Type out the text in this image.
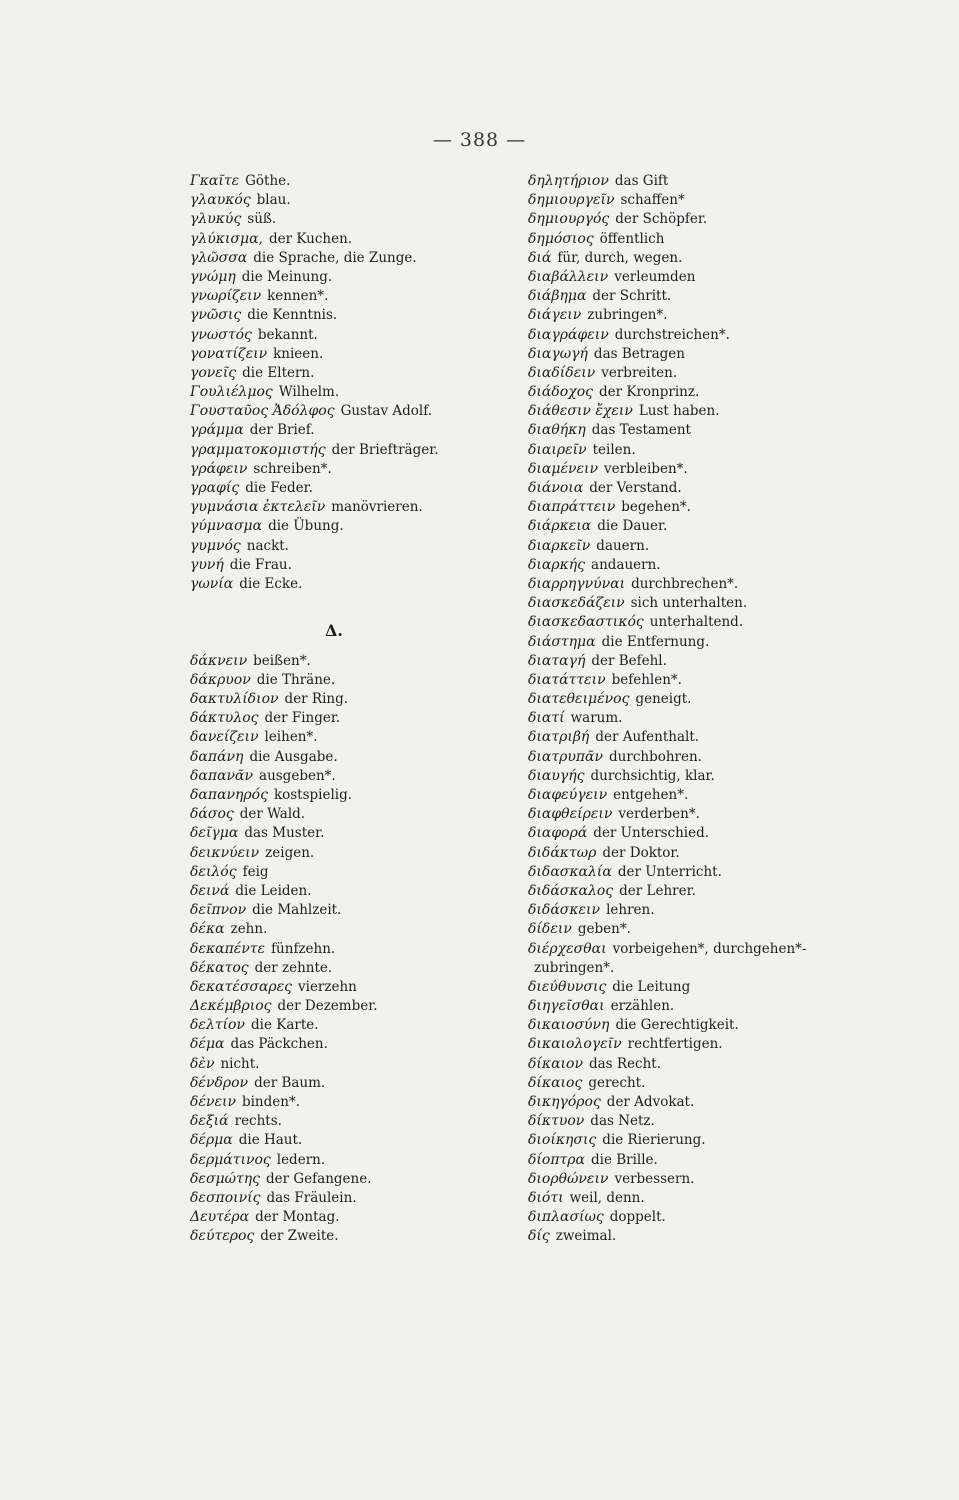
— 388 —
Γκαῖτε Göthe.
γλαυκός blau.
γλυκύς süß.
γλύκισμα, der Kuchen.
γλῶσσα die Sprache, die Zunge.
γνώμη die Meinung.
γνωρίζειν kennen*.
γνῶσις die Kenntnis.
γνωστός bekannt.
γονατίζειν knieen.
γονεῖς die Eltern.
Γουλιέλμος Wilhelm.
Γουσταῦος Ἀδόλφος Gustav Adolf.
γράμμα der Brief.
γραμματοκομιστής der Briefträger.
γράφειν schreiben*.
γραφίς die Feder.
γυμνάσια ἐκτελεῖν manövrieren.
γύμνασμα die Übung.
γυμνός nackt.
γυνή die Frau.
γωνία die Ecke.
δάκνειν beißen*.
δάκρυον die Thräne.
δακτυλίδιον der Ring.
δάκτυλος der Finger.
δανείζειν leihen*.
δαπάνη die Ausgabe.
δαπανᾶν ausgeben*.
δαπανηρός kostspielig.
δάσος der Wald.
δεῖγμα das Muster.
δεικνύειν zeigen.
δειλός feig
δεινά die Leiden.
δεῖπνον die Mahlzeit.
δέκα zehn.
δεκαπέντε fünfzehn.
δέκατος der zehnte.
δεκατέσσαρες vierzehn
Δεκέμβριος der Dezember.
δελτίον die Karte.
δέμα das Päckchen.
δὲν nicht.
δένδρον der Baum.
δένειν binden*.
δεξιά rechts.
δέρμα die Haut.
δερμάτινος ledern.
δεσμώτης der Gefangene.
δεσποινίς das Fräulein.
Δευτέρα der Montag.
δεύτερος der Zweite.
Δ.
δηλητήριον das Gift
δημιουργεῖν schaffen*
δημιουργός der Schöpfer.
δημόσιος öffentlich
διά für, durch, wegen.
διαβάλλειν verleumden
διάβημα der Schritt.
διάγειν zubringen*.
διαγράφειν durchstreichen*.
διαγωγή das Betragen
διαδίδειν verbreiten.
διάδοχος der Kronprinz.
διάθεσιν ἔχειν Lust haben.
διαθήκη das Testament
διαιρεῖν teilen.
διαμένειν verbleiben*.
διάνοια der Verstand.
διαπράττειν begehen*.
διάρκεια die Dauer.
διαρκεῖν dauern.
διαρκής andauern.
διαρρηγνύναι durchbrechen*.
διασκεδάζειν sich unterhalten.
διασκεδαστικός unterhaltend.
διάστημα die Entfernung.
διαταγή der Befehl.
διατάττειν befehlen*.
διατεθειμένος geneigt.
διατί warum.
διατριβή der Aufenthalt.
διατρυπᾶν durchbohren.
διαυγής durchsichtig, klar.
διαφεύγειν entgehen*.
διαφθείρειν verderben*.
διαφορά der Unterschied.
διδάκτωρ der Doktor.
διδασκαλία der Unterricht.
διδάσκαλος der Lehrer.
διδάσκειν lehren.
δίδειν geben*.
διέρχεσθαι vorbeigehen*, durchgehen*-
zubringen*.
διεύθυνσις die Leitung
διηγεῖσθαι erzählen.
δικαιοσύνη die Gerechtigkeit.
δικαιολογεῖν rechtfertigen.
δίκαιον das Recht.
δίκαιος gerecht.
δικηγόρος der Advokat.
δίκτυον das Netz.
διοίκησις die Rierierung.
δίοπτρα die Brille.
διορθώνειν verbessern.
διότι weil, denn.
διπλασίως doppelt.
δίς zweimal.
